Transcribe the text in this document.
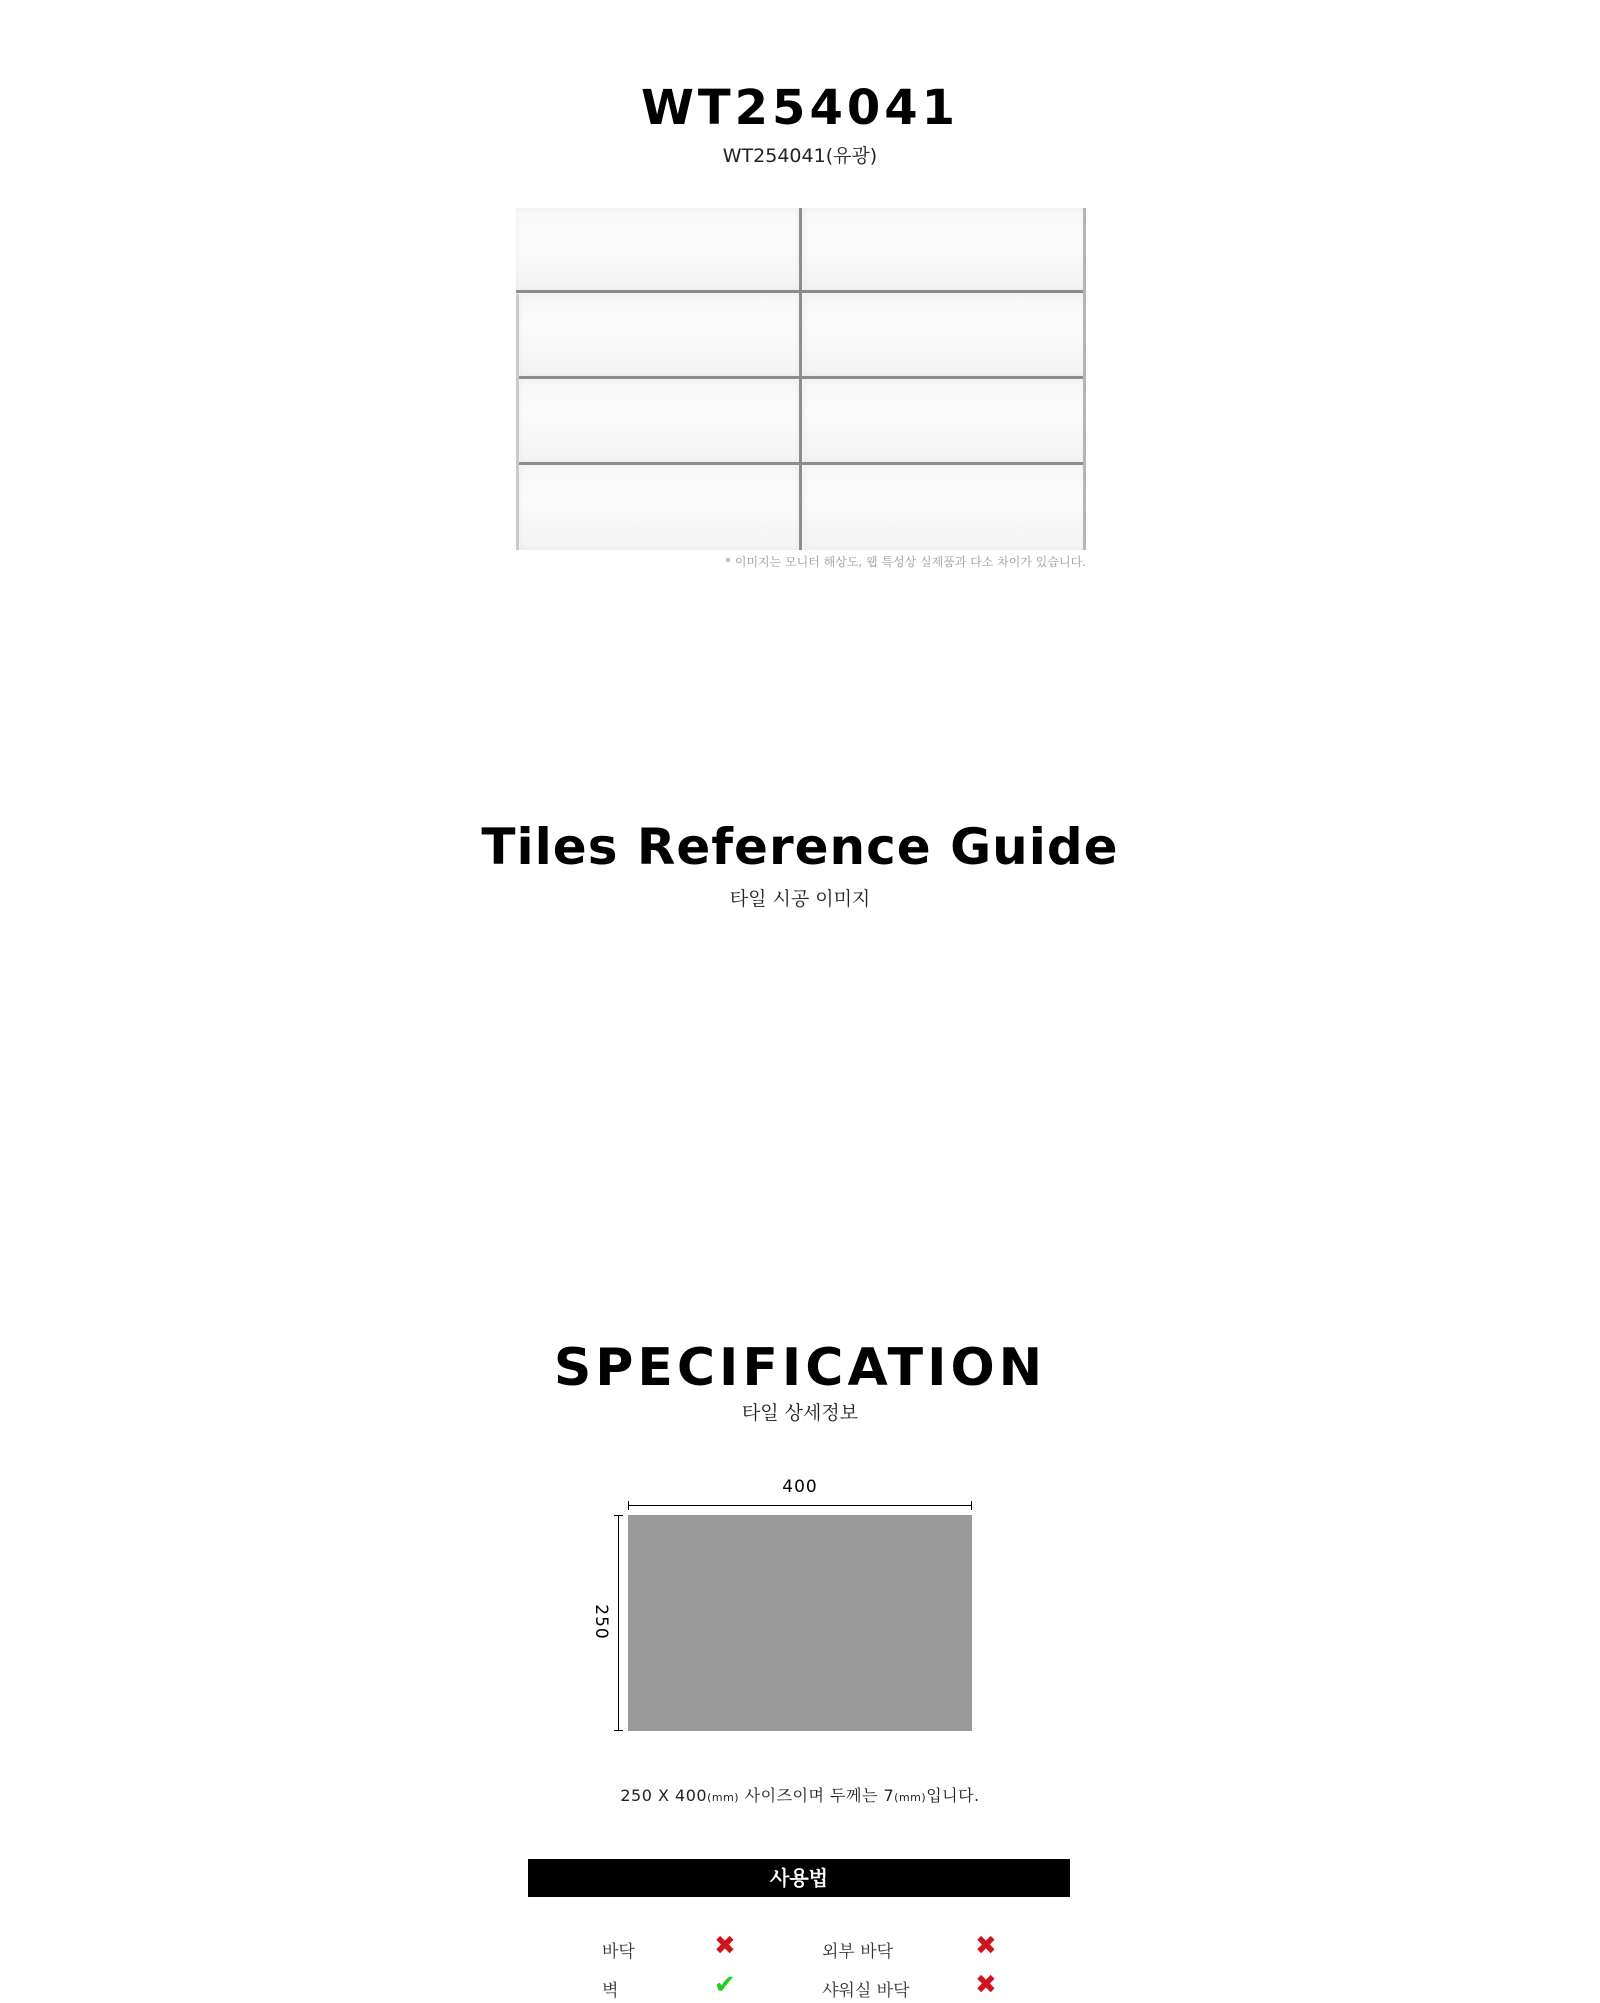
WT254041
WT254041(유광)
* 이미지는 모니터 해상도, 웹 특성상 실제품과 다소 차이가 있습니다.
Tiles Reference Guide
타일 시공 이미지
SPECIFICATION
타일 상세정보
400
250
250 X 400(mm) 사이즈이며 두께는 7(mm)입니다.
사용법
바닥	✖	외부 바닥	✖
벽	✔	샤워실 바닥	✖
